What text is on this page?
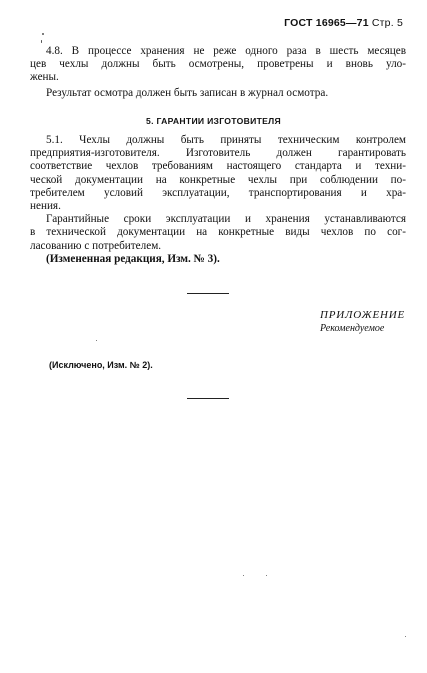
ГОСТ 16965—71 Стр. 5
4.8. В процессе хранения не реже одного раза в шесть месяцев
цев чехлы должны быть осмотрены, проветрены и вновь уло-
жены.
Результат осмотра должен быть записан в журнал осмотра.
5. ГАРАНТИИ ИЗГОТОВИТЕЛЯ
5.1. Чехлы должны быть приняты техническим контролем
предприятия-изготовителя. Изготовитель должен гарантировать
соответствие чехлов требованиям настоящего стандарта и техни-
ческой документации на конкретные чехлы при соблюдении по-
требителем условий эксплуатации, транспортирования и хра-
нения.
Гарантийные сроки эксплуатации и хранения устанавливаются
в технической документации на конкретные виды чехлов по сог-
ласованию с потребителем.
(Измененная редакция, Изм. № 3).
ПРИЛОЖЕНИЕ
Рекомендуемое
(Исключено, Изм. № 2).
